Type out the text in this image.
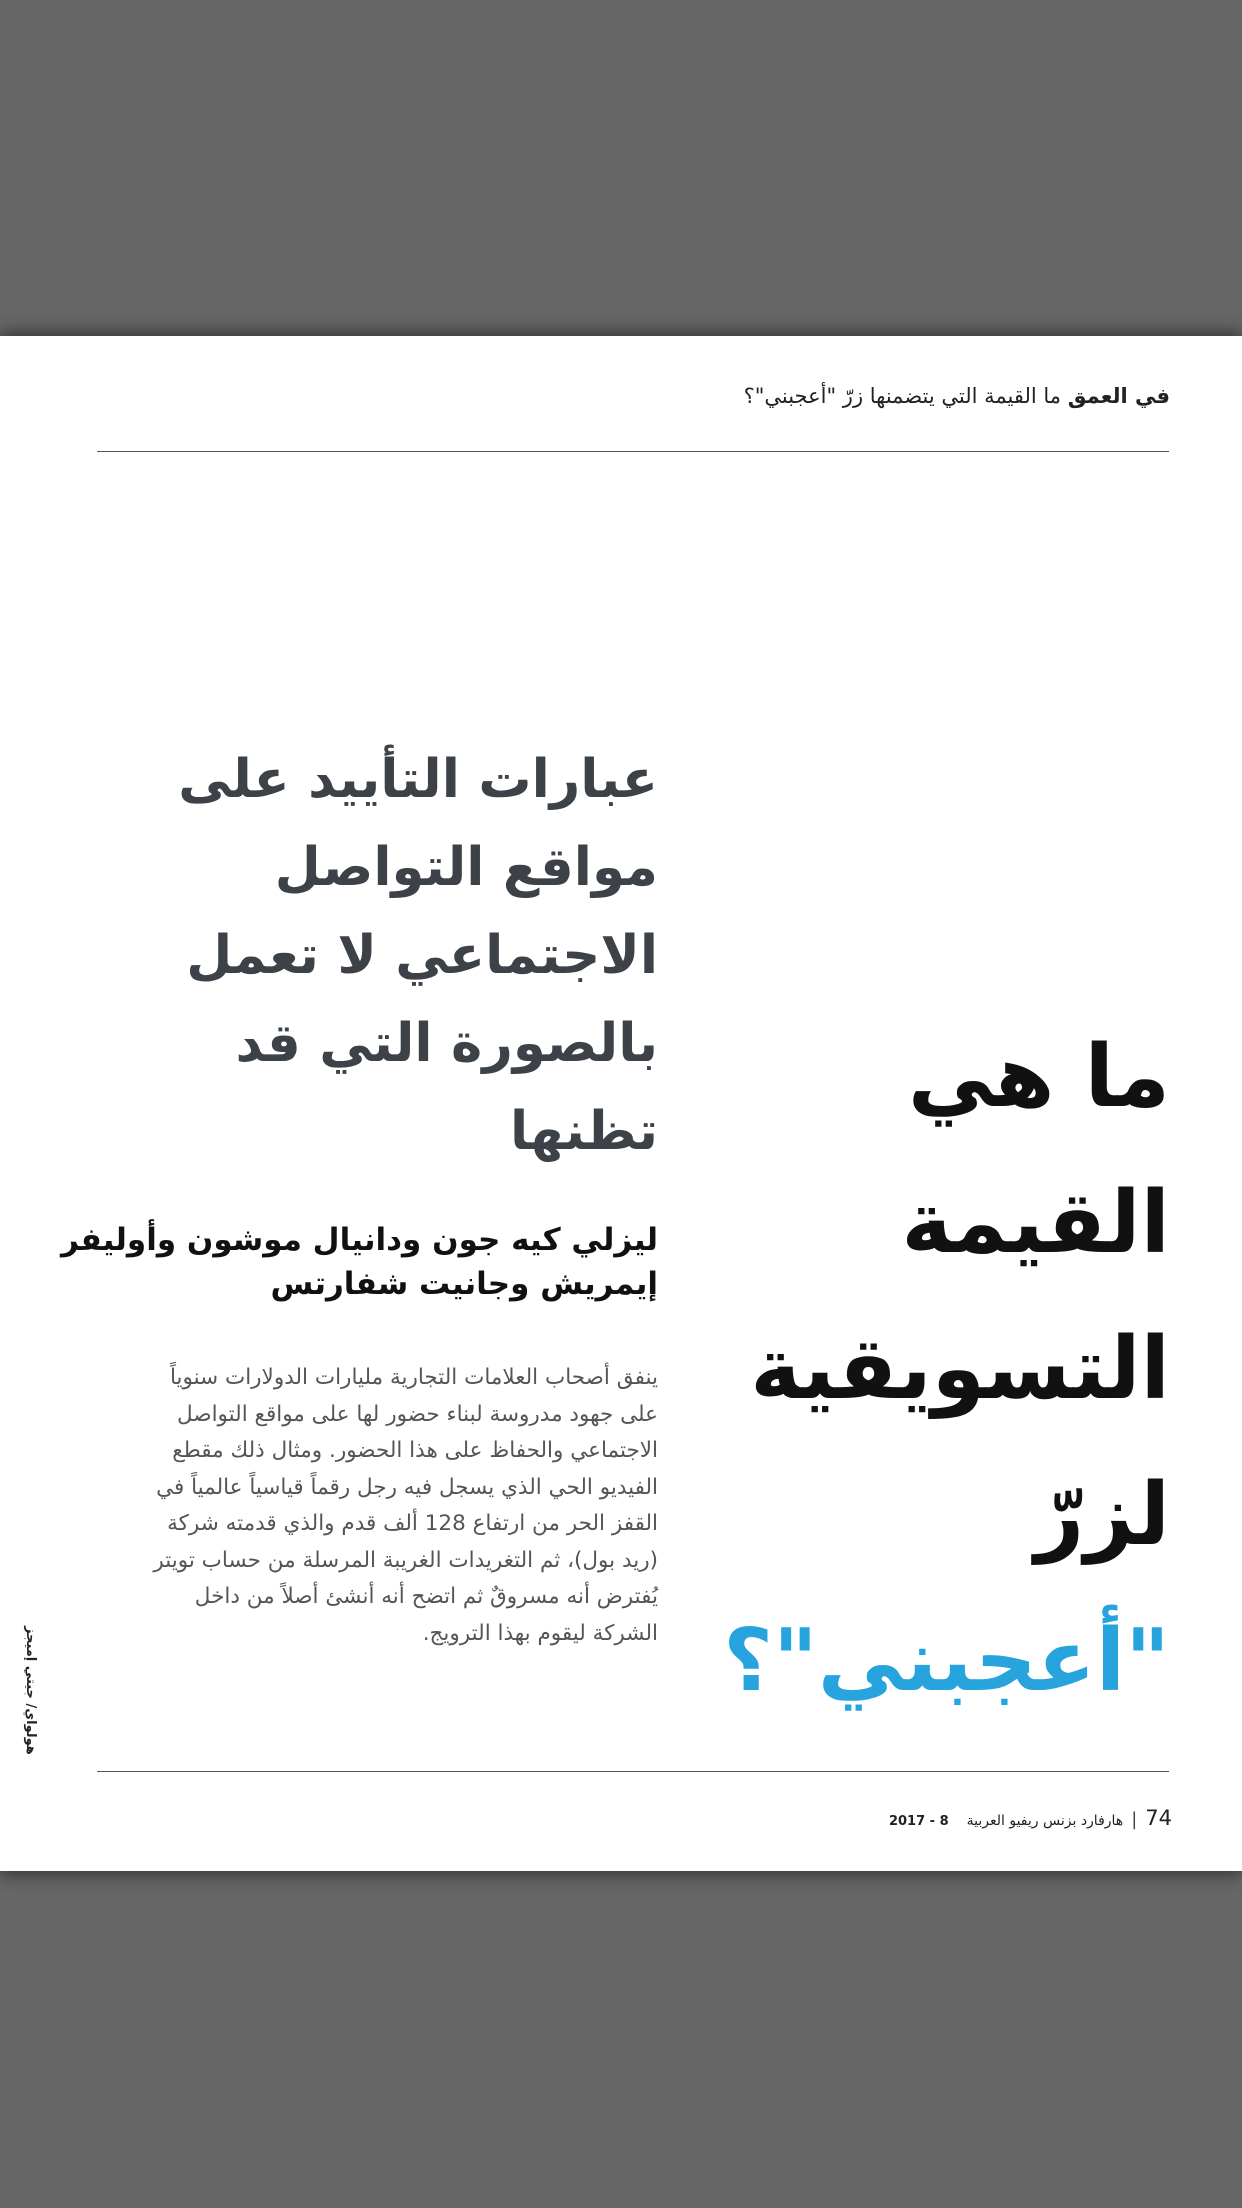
في العمق ما القيمة التي يتضمنها زرّ "أعجبني"؟
ما هي
القيمة
التسويقية
لزرّ "أعجبني"؟
عبارات التأييد على مواقع التواصل الاجتماعي لا تعمل بالصورة التي قد تظنها
ليزلي كيه جون ودانيال موشون وأوليفر إيمريش وجانيت شفارتس
ينفق أصحاب العلامات التجارية مليارات الدولارات سنوياً على جهود مدروسة لبناء حضور لها على مواقع التواصل الاجتماعي والحفاظ على هذا الحضور. ومثال ذلك مقطع الفيديو الحي الذي يسجل فيه رجل رقماً قياسياً عالمياً في القفز الحر من ارتفاع 128 ألف قدم والذي قدمته شركة (ريد بول)، ثم التغريدات الغريبة المرسلة من حساب تويتر يُفترض أنه مسروقٌ ثم اتضح أنه أنشئ أصلاً من داخل الشركة ليقوم بهذا الترويج.
هولواي/ جيتي إميجز
2017 - 8 هارفارد بزنس ريفيو العربية | 74
